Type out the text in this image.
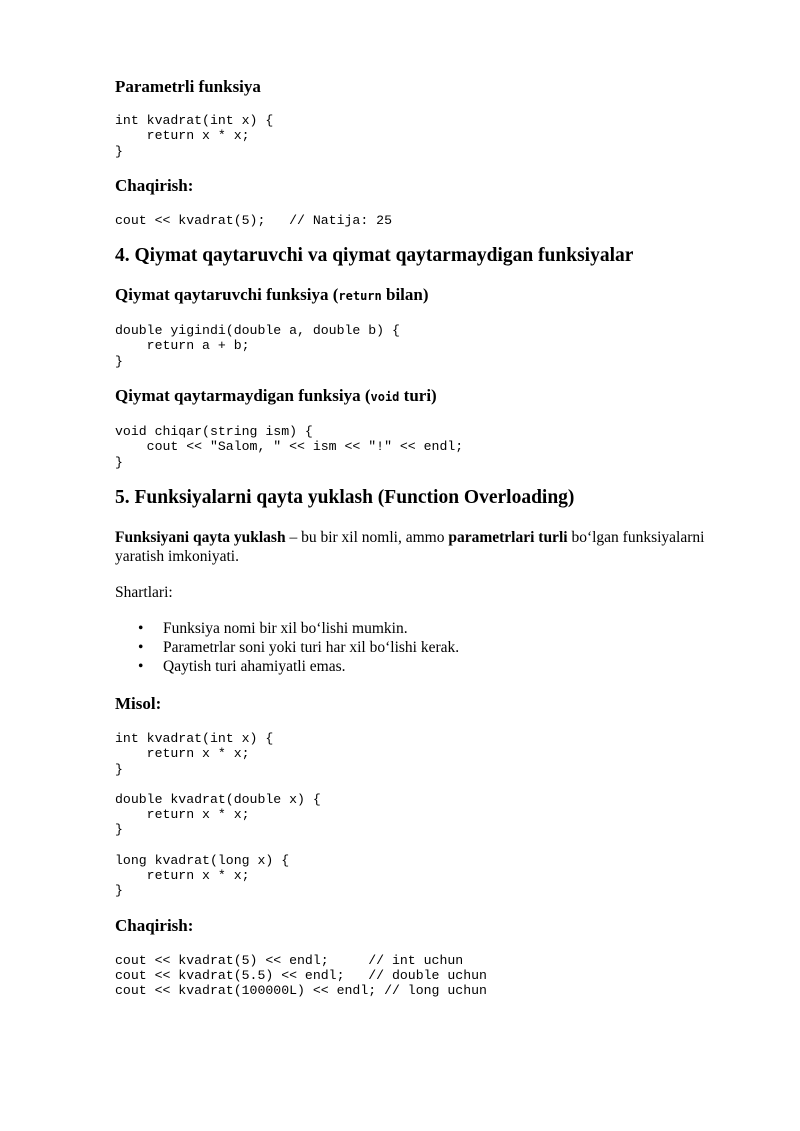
Parametrli funksiya
int kvadrat(int x) {
return x * x;
}
Chaqirish:
cout << kvadrat(5);   // Natija: 25
4. Qiymat qaytaruvchi va qiymat qaytarmaydigan funksiyalar
Qiymat qaytaruvchi funksiya (return bilan)
double yigindi(double a, double b) {
return a + b;
}
Qiymat qaytarmaydigan funksiya (void turi)
void chiqar(string ism) {
cout << "Salom, " << ism << "!" << endl;
}
5. Funksiyalarni qayta yuklash (Function Overloading)

Funksiyani qayta yuklash – bu bir xil nomli, ammo parametrlari turli bo‘lgan funksiyalarni yaratish imkoniyati.

Shartlari:

• Funksiya nomi bir xil bo‘lishi mumkin.
• Parametrlar soni yoki turi har xil bo‘lishi kerak.
• Qaytish turi ahamiyatli emas.
Misol:
int kvadrat(int x) {
return x * x;
}
double kvadrat(double x) {
return x * x;
}
long kvadrat(long x) {
return x * x;
}
Chaqirish:
cout << kvadrat(5) << endl;     // int uchun
cout << kvadrat(5.5) << endl;   // double uchun
cout << kvadrat(100000L) << endl; // long uchun
